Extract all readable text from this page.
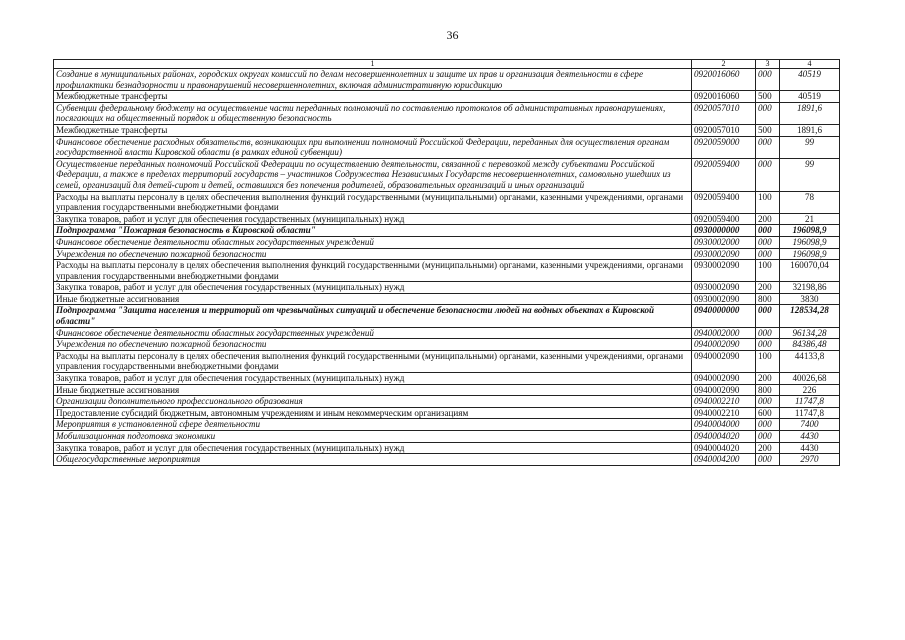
36
1	2	3	4
Создание в муниципальных районах, городских округах комиссий по делам несовершеннолетних и защите их прав и организация деятельности в сфере профилактики безнадзорности и правонарушений несовершеннолетних, включая административную юрисдикцию	0920016060	000	40519
Межбюджетные трансферты	0920016060	500	40519
Субвенции федеральному бюджету на осуществление части переданных полномочий по составлению протоколов об административных правонарушениях, посягающих на общественный порядок и общественную безопасность	0920057010	000	1891,6
Межбюджетные трансферты	0920057010	500	1891,6
Финансовое обеспечение расходных обязательств, возникающих при выполнении полномочий Российской Федерации, переданных для осуществления органам государственной власти Кировской области (в рамках единой субвенции)	0920059000	000	99
Осуществление переданных полномочий Российской Федерации по осуществлению деятельности, связанной с перевозкой между субъектами Российской Федерации, а также в пределах территорий государств – участников Содружества Независимых Государств несовершеннолетних, самовольно ушедших из семей, организаций для детей-сирот и детей, оставшихся без попечения родителей, образовательных организаций и иных организаций	0920059400	000	99
Расходы на выплаты персоналу в целях обеспечения выполнения функций государственными (муниципальными) органами, казенными учреждениями, органами управления государственными внебюджетными фондами	0920059400	100	78
Закупка товаров, работ и услуг для обеспечения государственных (муниципальных) нужд	0920059400	200	21
Подпрограмма "Пожарная безопасность в Кировской области"	0930000000	000	196098,9
Финансовое обеспечение деятельности областных государственных учреждений	0930002000	000	196098,9
Учреждения по обеспечению пожарной безопасности	0930002090	000	196098,9
Расходы на выплаты персоналу в целях обеспечения выполнения функций государственными (муниципальными) органами, казенными учреждениями, органами управления государственными внебюджетными фондами	0930002090	100	160070,04
Закупка товаров, работ и услуг для обеспечения государственных (муниципальных) нужд	0930002090	200	32198,86
Иные бюджетные ассигнования	0930002090	800	3830
Подпрограмма "Защита населения и территорий от чрезвычайных ситуаций и обеспечение безопасности людей на водных объектах в Кировской области"	0940000000	000	128534,28
Финансовое обеспечение деятельности областных государственных учреждений	0940002000	000	96134,28
Учреждения по обеспечению пожарной безопасности	0940002090	000	84386,48
Расходы на выплаты персоналу в целях обеспечения выполнения функций государственными (муниципальными) органами, казенными учреждениями, органами управления государственными внебюджетными фондами	0940002090	100	44133,8
Закупка товаров, работ и услуг для обеспечения государственных (муниципальных) нужд	0940002090	200	40026,68
Иные бюджетные ассигнования	0940002090	800	226
Организации дополнительного профессионального образования	0940002210	000	11747,8
Предоставление субсидий бюджетным, автономным учреждениям и иным некоммерческим организациям	0940002210	600	11747,8
Мероприятия в установленной сфере деятельности	0940004000	000	7400
Мобилизационная подготовка экономики	0940004020	000	4430
Закупка товаров, работ и услуг для обеспечения государственных (муниципальных) нужд	0940004020	200	4430
Общегосударственные мероприятия	0940004200	000	2970
